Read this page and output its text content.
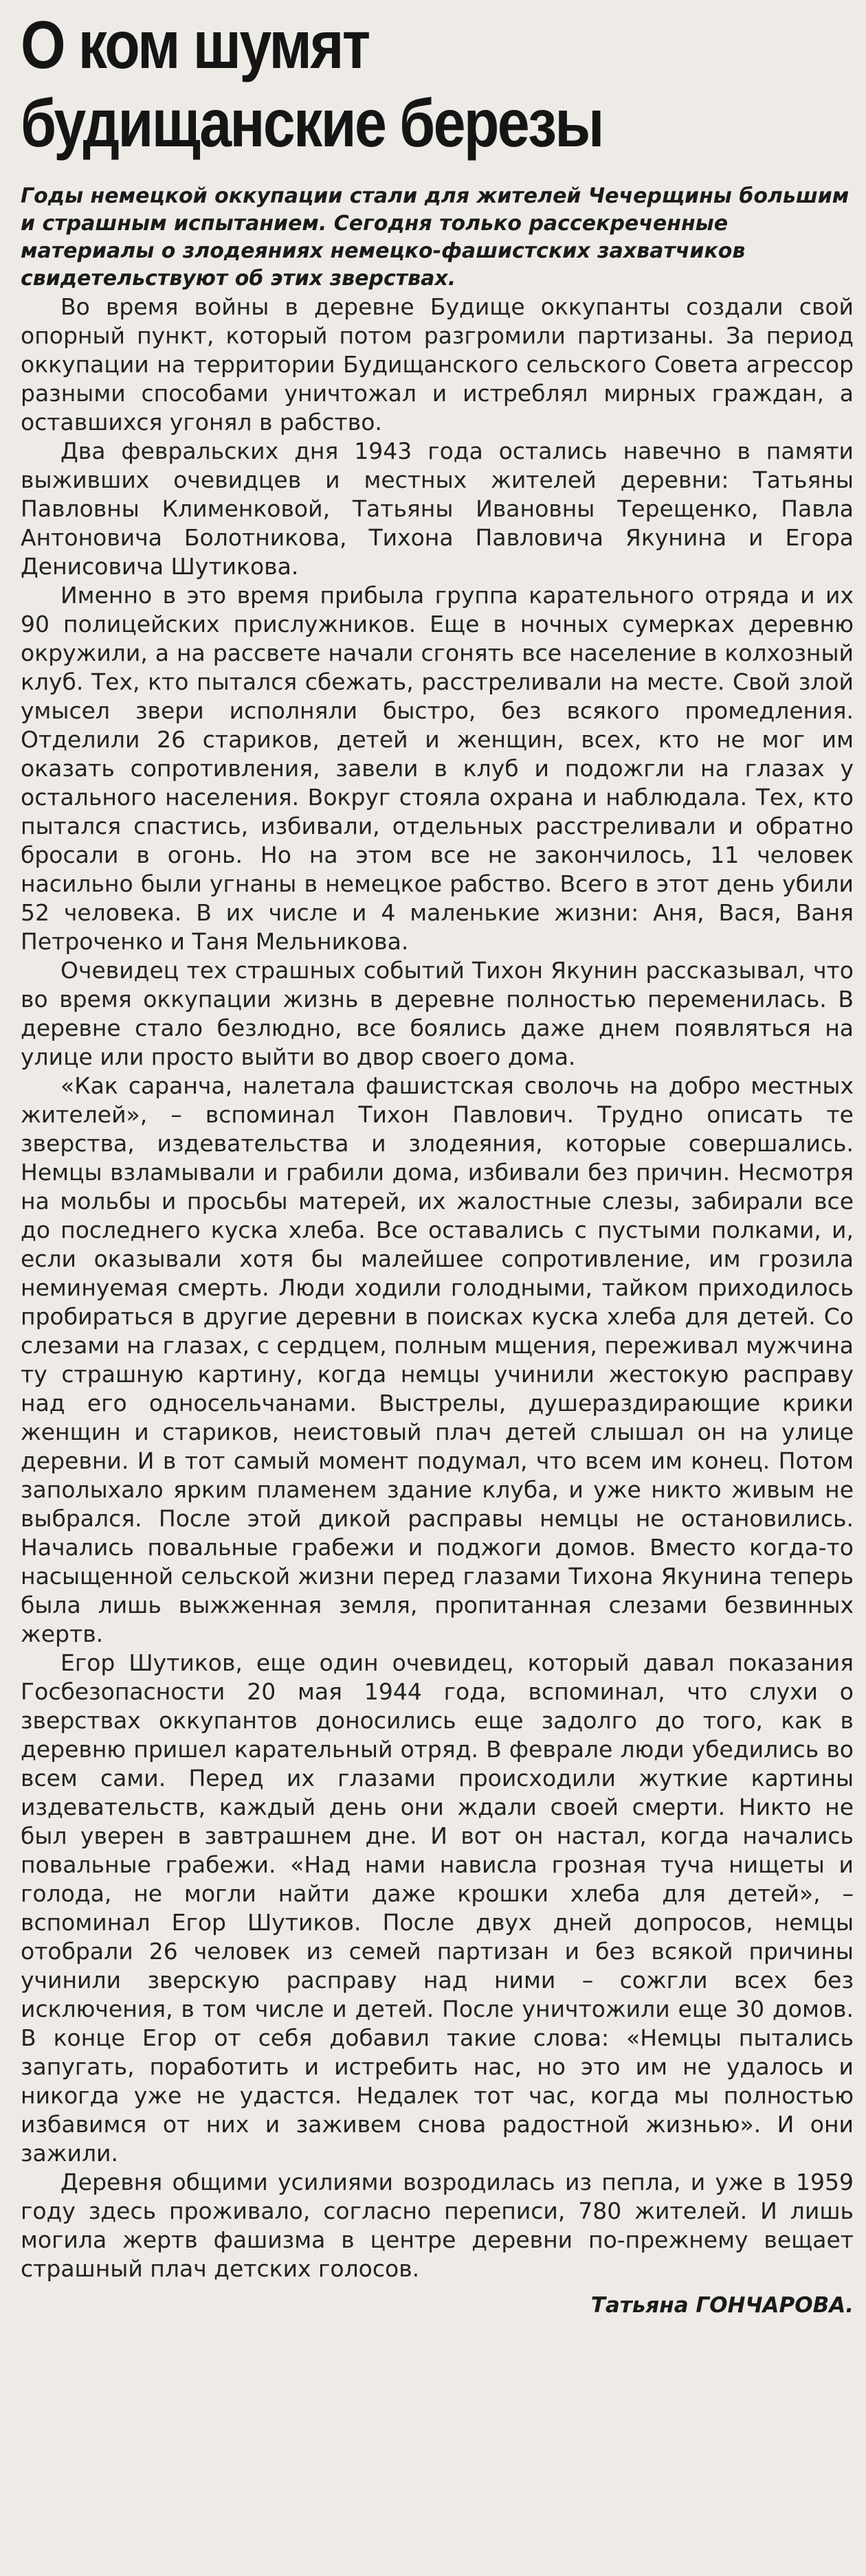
О ком шумят
будищанские березы

Годы немецкой оккупации стали для жителей Чечерщины большим и страшным испытанием. Сегодня только рассекреченные материалы о злодеяниях немецко-фашистских захватчиков свидетельствуют об этих зверствах.

Во время войны в деревне Будище оккупанты создали свой опорный пункт, который потом разгромили партизаны. За период оккупации на территории Будищанского сельского Совета агрессор разными способами уничтожал и истреблял мирных граждан, а оставшихся угонял в рабство.

Два февральских дня 1943 года остались навечно в памяти выживших очевидцев и местных жителей деревни: Татьяны Павловны Клименковой, Татьяны Ивановны Терещенко, Павла Антоновича Болотникова, Тихона Павловича Якунина и Егора Денисовича Шутикова.

Именно в это время прибыла группа карательного отряда и их 90 полицейских прислужников. Еще в ночных сумерках деревню окружили, а на рассвете начали сгонять все население в колхозный клуб. Тех, кто пытался сбежать, расстреливали на месте. Свой злой умысел звери исполняли быстро, без всякого промедления. Отделили 26 стариков, детей и женщин, всех, кто не мог им оказать сопротивления, завели в клуб и подожгли на глазах у остального населения. Вокруг стояла охрана и наблюдала. Тех, кто пытался спастись, избивали, отдельных расстреливали и обратно бросали в огонь. Но на этом все не закончилось, 11 человек насильно были угнаны в немецкое рабство. Всего в этот день убили 52 человека. В их числе и 4 маленькие жизни: Аня, Вася, Ваня Петроченко и Таня Мельникова.

Очевидец тех страшных событий Тихон Якунин рассказывал, что во время оккупации жизнь в деревне полностью переменилась. В деревне стало безлюдно, все боялись даже днем появляться на улице или просто выйти во двор своего дома.

«Как саранча, налетала фашистская сволочь на добро местных жителей», – вспоминал Тихон Павлович. Трудно описать те зверства, издевательства и злодеяния, которые совершались. Немцы взламывали и грабили дома, избивали без причин. Несмотря на мольбы и просьбы матерей, их жалостные слезы, забирали все до последнего куска хлеба. Все оставались с пустыми полками, и, если оказывали хотя бы малейшее сопротивление, им грозила неминуемая смерть. Люди ходили голодными, тайком приходилось пробираться в другие деревни в поисках куска хлеба для детей. Со слезами на глазах, с сердцем, полным мщения, переживал мужчина ту страшную картину, когда немцы учинили жестокую расправу над его односельчанами. Выстрелы, душераздирающие крики женщин и стариков, неистовый плач детей слышал он на улице деревни. И в тот самый момент подумал, что всем им конец. Потом заполыхало ярким пламенем здание клуба, и уже никто живым не выбрался. После этой дикой расправы немцы не остановились. Начались повальные грабежи и поджоги домов. Вместо когда-то насыщенной сельской жизни перед глазами Тихона Якунина теперь была лишь выжженная земля, пропитанная слезами безвинных жертв.

Егор Шутиков, еще один очевидец, который давал показания Госбезопасности 20 мая 1944 года, вспоминал, что слухи о зверствах оккупантов доносились еще задолго до того, как в деревню пришел карательный отряд. В феврале люди убедились во всем сами. Перед их глазами происходили жуткие картины издевательств, каждый день они ждали своей смерти. Никто не был уверен в завтрашнем дне. И вот он настал, когда начались повальные грабежи. «Над нами нависла грозная туча нищеты и голода, не могли найти даже крошки хлеба для детей», – вспоминал Егор Шутиков. После двух дней допросов, немцы отобрали 26 человек из семей партизан и без всякой причины учинили зверскую расправу над ними – сожгли всех без исключения, в том числе и детей. После уничтожили еще 30 домов. В конце Егор от себя добавил такие слова: «Немцы пытались запугать, поработить и истребить нас, но это им не удалось и никогда уже не удастся. Недалек тот час, когда мы полностью избавимся от них и заживем снова радостной жизнью». И они зажили.

Деревня общими усилиями возродилась из пепла, и уже в 1959 году здесь проживало, согласно переписи, 780 жителей. И лишь могила жертв фашизма в центре деревни по-прежнему вещает страшный плач детских голосов.

Татьяна ГОНЧАРОВА.
